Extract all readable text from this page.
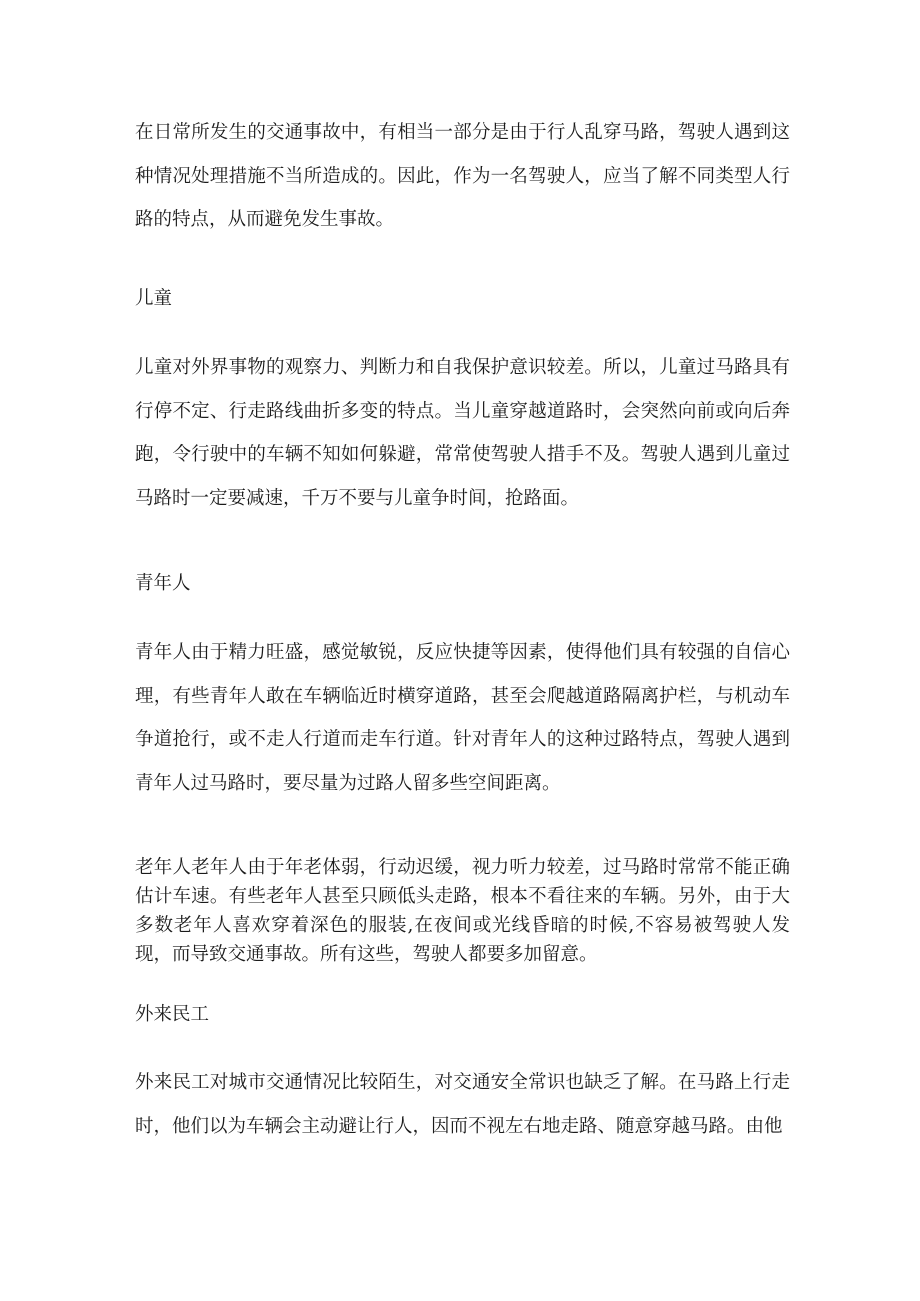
在日常所发生的交通事故中，有相当一部分是由于行人乱穿马路，驾驶人遇到这种情况处理措施不当所造成的。因此，作为一名驾驶人，应当了解不同类型人行路的特点，从而避免发生事故。

儿童

儿童对外界事物的观察力、判断力和自我保护意识较差。所以，儿童过马路具有行停不定、行走路线曲折多变的特点。当儿童穿越道路时，会突然向前或向后奔跑，令行驶中的车辆不知如何躲避，常常使驾驶人措手不及。驾驶人遇到儿童过马路时一定要减速，千万不要与儿童争时间，抢路面。

青年人

青年人由于精力旺盛，感觉敏锐，反应快捷等因素，使得他们具有较强的自信心理，有些青年人敢在车辆临近时横穿道路，甚至会爬越道路隔离护栏，与机动车争道抢行，或不走人行道而走车行道。针对青年人的这种过路特点，驾驶人遇到青年人过马路时，要尽量为过路人留多些空间距离。

老年人老年人由于年老体弱，行动迟缓，视力听力较差，过马路时常常不能正确估计车速。有些老年人甚至只顾低头走路，根本不看往来的车辆。另外，由于大多数老年人喜欢穿着深色的服装,在夜间或光线昏暗的时候,不容易被驾驶人发现，而导致交通事故。所有这些，驾驶人都要多加留意。

外来民工

外来民工对城市交通情况比较陌生，对交通安全常识也缺乏了解。在马路上行走时，他们以为车辆会主动避让行人，因而不视左右地走路、随意穿越马路。由他
